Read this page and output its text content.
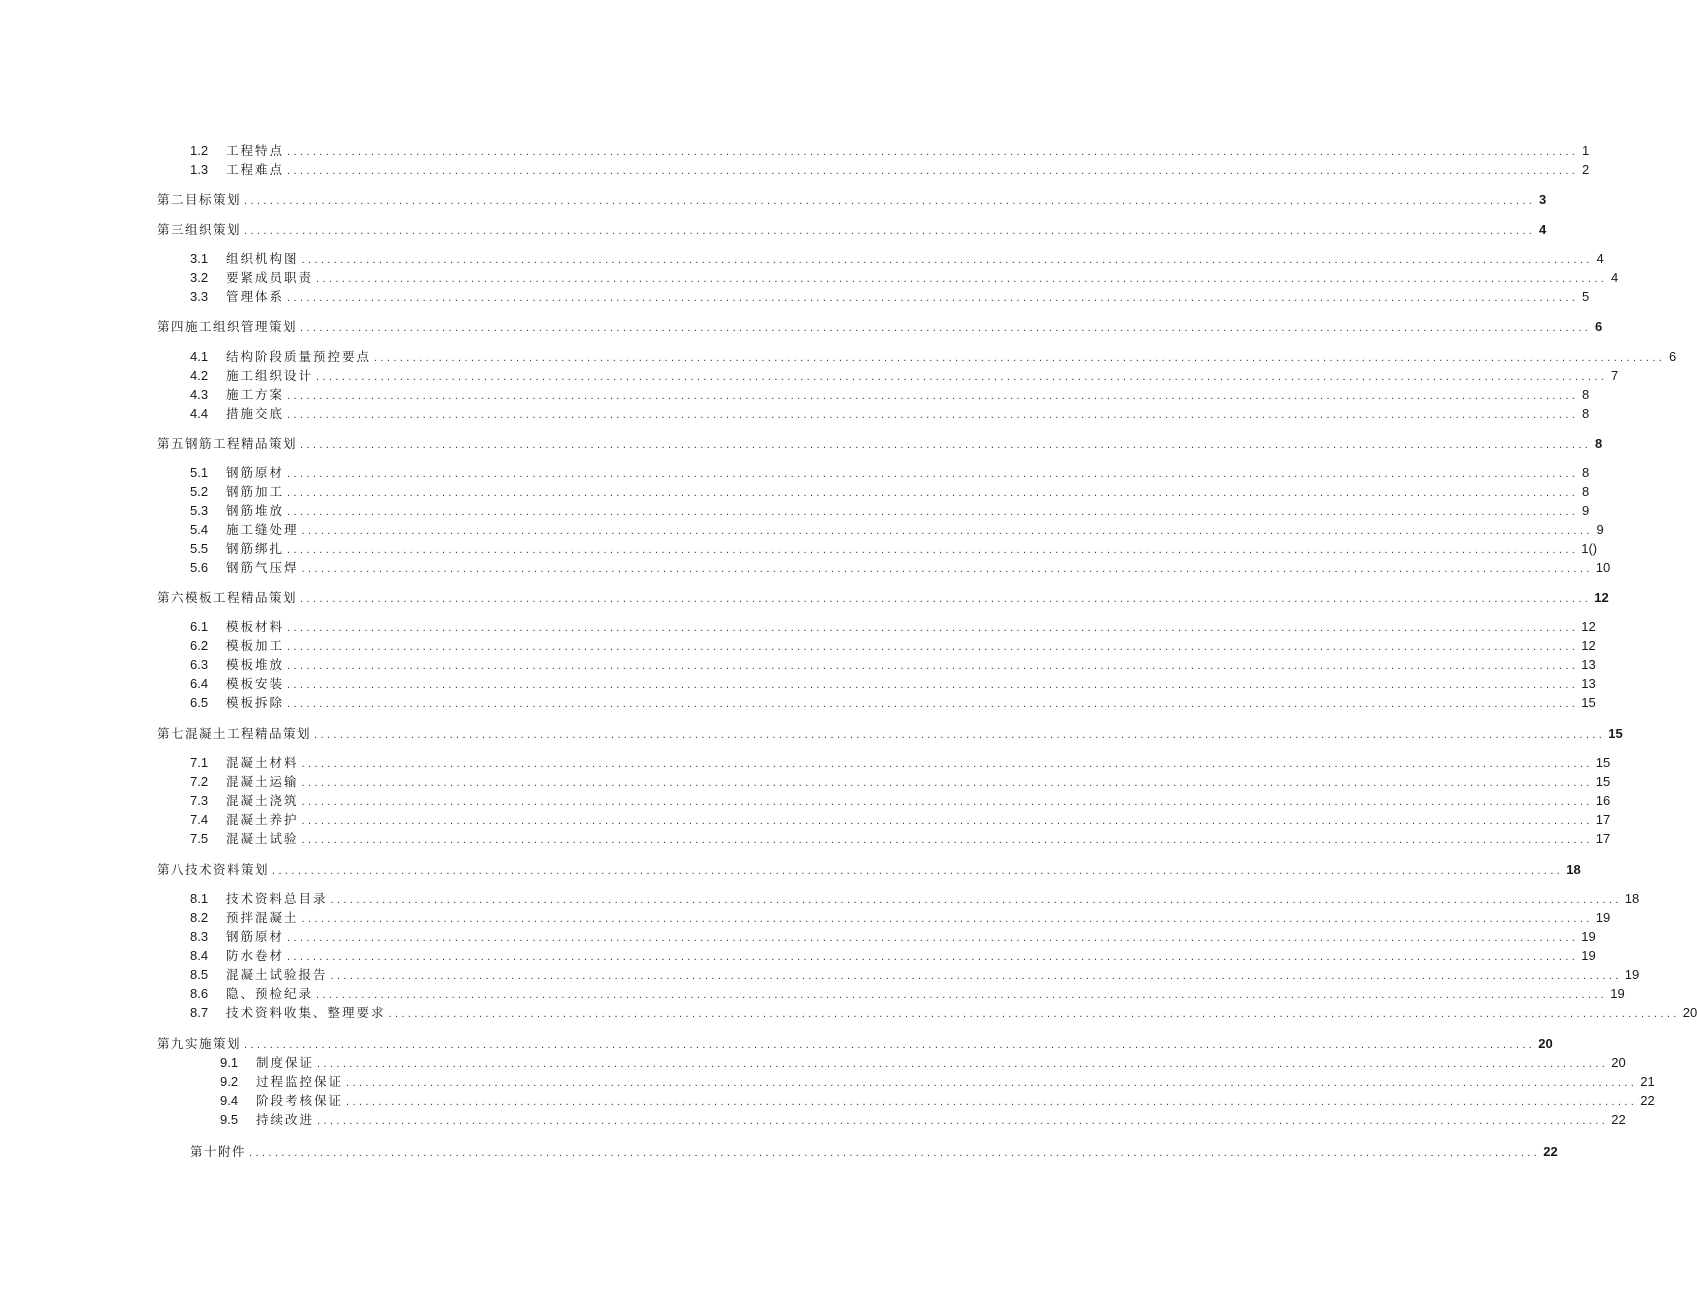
1.2	工程特点 ........................................................................................................................................................................................................ 1
1.3	工程难点 ........................................................................................................................................................................................................ 2
第二目标策划 ........................................................................................................................................................................................................ 3
第三组织策划 ........................................................................................................................................................................................................ 4
3.1	组织机构图 ........................................................................................................................................................................................................ 4
3.2	要紧成员职责 ........................................................................................................................................................................................................ 4
3.3	管理体系 ........................................................................................................................................................................................................ 5
第四施工组织管理策划 ........................................................................................................................................................................................................ 6
4.1	结构阶段质量预控要点 ........................................................................................................................................................................................................ 6
4.2	施工组织设计 ........................................................................................................................................................................................................ 7
4.3	施工方案 ........................................................................................................................................................................................................ 8
4.4	措施交底 ........................................................................................................................................................................................................ 8
第五钢筋工程精品策划 ........................................................................................................................................................................................................ 8
5.1	钢筋原材 ........................................................................................................................................................................................................ 8
5.2	钢筋加工 ........................................................................................................................................................................................................ 8
5.3	钢筋堆放 ........................................................................................................................................................................................................ 9
5.4	施工缝处理 ........................................................................................................................................................................................................ 9
5.5	钢筋绑扎 ........................................................................................................................................................................................................ 1()
5.6	钢筋气压焊 ........................................................................................................................................................................................................ 10
第六模板工程精品策划 ........................................................................................................................................................................................................ 12
6.1	模板材料 ........................................................................................................................................................................................................ 12
6.2	模板加工 ........................................................................................................................................................................................................ 12
6.3	模板堆放 ........................................................................................................................................................................................................ 13
6.4	模板安装 ........................................................................................................................................................................................................ 13
6.5	模板拆除 ........................................................................................................................................................................................................ 15
第七混凝土工程精品策划 ........................................................................................................................................................................................................ 15
7.1	混凝土材料 ........................................................................................................................................................................................................ 15
7.2	混凝土运输 ........................................................................................................................................................................................................ 15
7.3	混凝土浇筑 ........................................................................................................................................................................................................ 16
7.4	混凝土养护 ........................................................................................................................................................................................................ 17
7.5	混凝土试验 ........................................................................................................................................................................................................ 17
第八技术资料策划 ........................................................................................................................................................................................................ 18
8.1	技术资料总目录 ........................................................................................................................................................................................................ 18
8.2	预拌混凝土 ........................................................................................................................................................................................................ 19
8.3	钢筋原材 ........................................................................................................................................................................................................ 19
8.4	防水卷材 ........................................................................................................................................................................................................ 19
8.5	混凝土试验报告 ........................................................................................................................................................................................................ 19
8.6	隐、预检纪录 ........................................................................................................................................................................................................ 19
8.7	技术资料收集、整理要求 ........................................................................................................................................................................................................ 20
第九实施策划 ........................................................................................................................................................................................................ 20
9.1	制度保证 ........................................................................................................................................................................................................ 20
9.2	过程监控保证 ........................................................................................................................................................................................................ 21
9.4	阶段考核保证 ........................................................................................................................................................................................................ 22
9.5	持续改进 ........................................................................................................................................................................................................ 22
第十附件 ........................................................................................................................................................................................................ 22
